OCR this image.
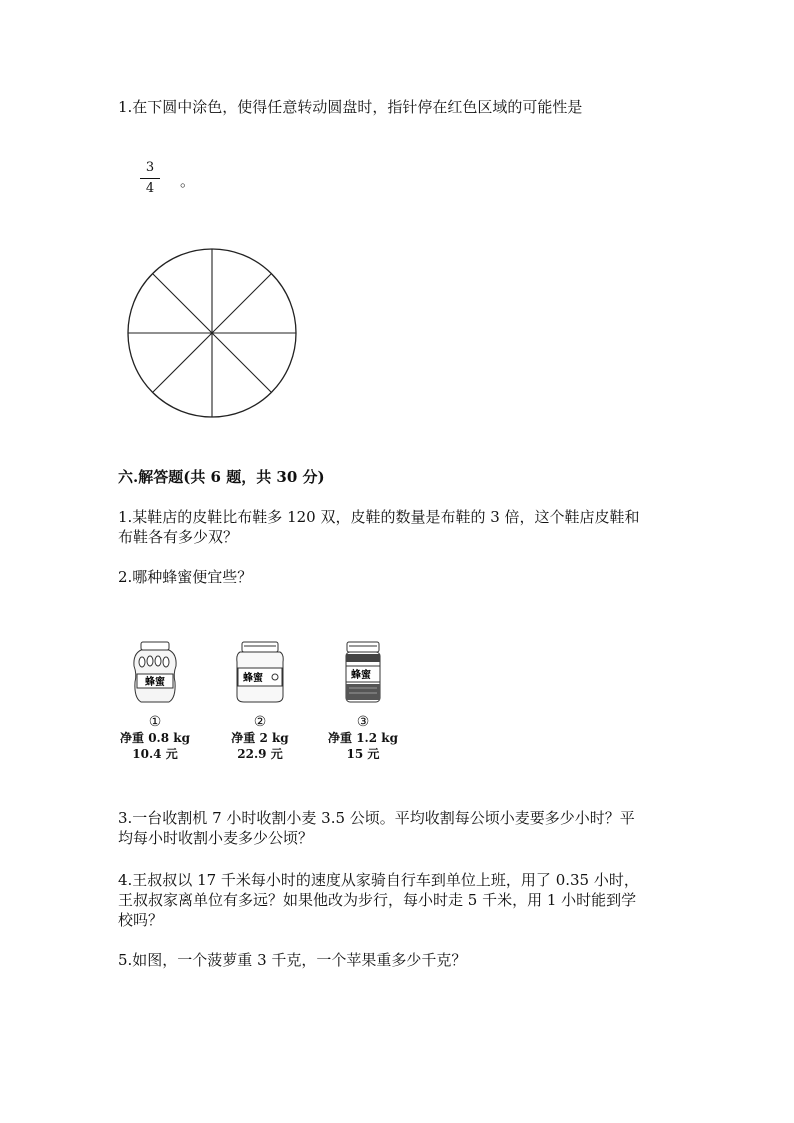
1.在下圆中涂色，使得任意转动圆盘时，指针停在红色区域的可能性是
3
4	。
六.解答题(共 6 题，共 30 分)
1.某鞋店的皮鞋比布鞋多 120 双，皮鞋的数量是布鞋的 3 倍，这个鞋店皮鞋和
布鞋各有多少双？
2.哪种蜂蜜便宜些？
蜂蜜
①
净重 0.8 kg
10.4 元
蜂蜜
②
净重 2 kg
22.9 元
蜂蜜
③
净重 1.2 kg
15 元
3.一台收割机 7 小时收割小麦 3.5 公顷。平均收割每公顷小麦要多少小时？平
均每小时收割小麦多少公顷？
4.王叔叔以 17 千米每小时的速度从家骑自行车到单位上班，用了 0.35 小时，
王叔叔家离单位有多远？如果他改为步行，每小时走 5 千米，用 1 小时能到学
校吗？
5.如图，一个菠萝重 3 千克，一个苹果重多少千克？
